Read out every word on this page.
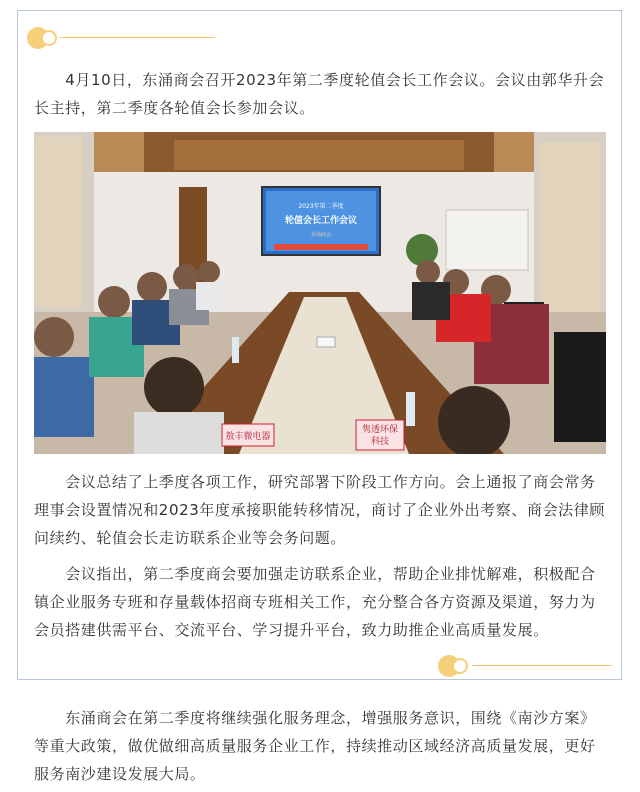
　　4月10日，东涌商会召开2023年第二季度轮值会长工作会议。会议由郭华升会长主持，第二季度各轮值会长参加会议。

2023年第二季度
轮值会长工作会议
东涌商会
敖丰微电器
隽透环保
科技

　　会议总结了上季度各项工作，研究部署下阶段工作方向。会上通报了商会常务理事会设置情况和2023年度承接职能转移情况，商讨了企业外出考察、商会法律顾问续约、轮值会长走访联系企业等会务问题。

　　会议指出，第二季度商会要加强走访联系企业，帮助企业排忧解难，积极配合镇企业服务专班和存量载体招商专班相关工作，充分整合各方资源及渠道，努力为会员搭建供需平台、交流平台、学习提升平台，致力助推企业高质量发展。

　　东涌商会在第二季度将继续强化服务理念，增强服务意识，围绕《南沙方案》等重大政策，做优做细高质量服务企业工作，持续推动区域经济高质量发展，更好服务南沙建设发展大局。
